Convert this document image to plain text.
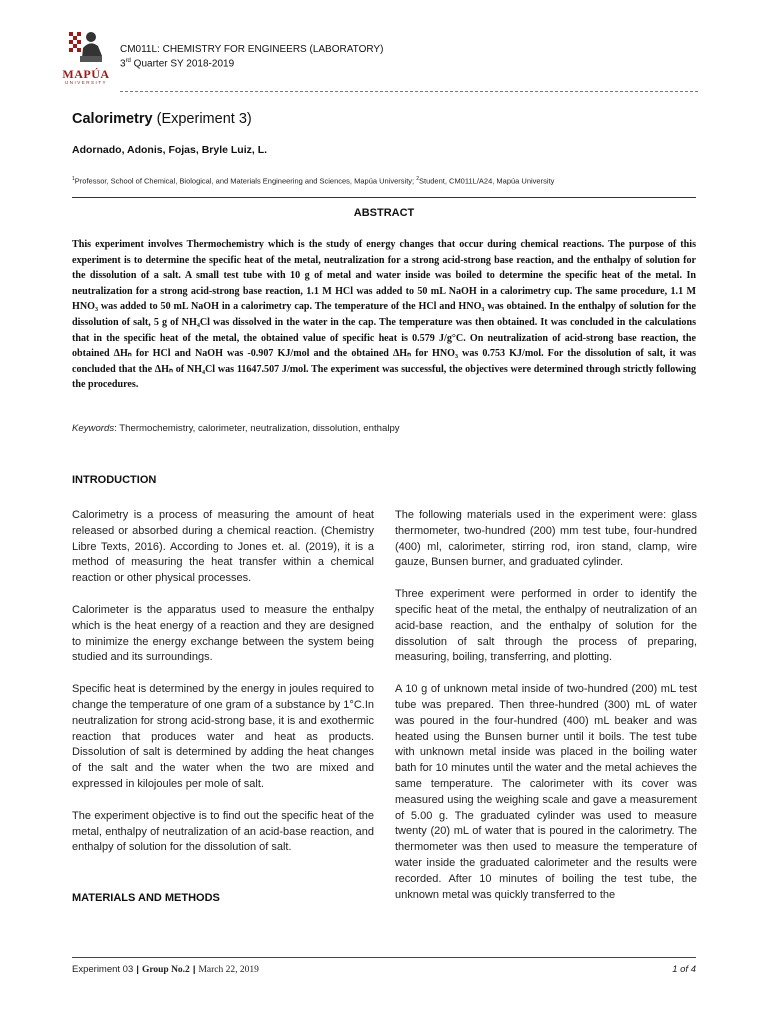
MAPÚA
UNIVERSITY
CM011L: CHEMISTRY FOR ENGINEERS (LABORATORY)
3rd Quarter SY 2018-2019
Calorimetry (Experiment 3)
Adornado, Adonis, Fojas, Bryle Luiz, L.
$^1$Professor, School of Chemical, Biological, and Materials Engineering and Sciences, Mapúa University; $^2$Student, CM011L/A24, Mapúa University
ABSTRACT
This experiment involves Thermochemistry which is the study of energy changes that occur during chemical reactions. The purpose of this experiment is to determine the specific heat of the metal, neutralization for a strong acid-strong base reaction, and the enthalpy of solution for the dissolution of a salt. A small test tube with 10 g of metal and water inside was boiled to determine the specific heat of the metal. In neutralization for a strong acid-strong base reaction, 1.1 M HCl was added to 50 mL NaOH in a calorimetry cup. The same procedure, 1.1 M HNO₃ was added to 50 mL NaOH in a calorimetry cap. The temperature of the HCl and HNO₃ was obtained. In the enthalpy of solution for the dissolution of salt, 5 g of NH₄Cl was dissolved in the water in the cap. The temperature was then obtained. It was concluded in the calculations that in the specific heat of the metal, the obtained value of specific heat is 0.579 J/g°C. On neutralization of acid-strong base reaction, the obtained ΔHₙ for HCl and NaOH was -0.907 KJ/mol and the obtained ΔHₙ for HNO₃ was 0.753 KJ/mol. For the dissolution of salt, it was concluded that the ΔHₙ of NH₄Cl was 11647.507 J/mol. The experiment was successful, the objectives were determined through strictly following the procedures.
Keywords: Thermochemistry, calorimeter, neutralization, dissolution, enthalpy
INTRODUCTION

Calorimetry is a process of measuring the amount of heat released or absorbed during a chemical reaction. (Chemistry Libre Texts, 2016). According to Jones et. al. (2019), it is a method of measuring the heat transfer within a chemical reaction or other physical processes.

Calorimeter is the apparatus used to measure the enthalpy which is the heat energy of a reaction and they are designed to minimize the energy exchange between the system being studied and its surroundings.

Specific heat is determined by the energy in joules required to change the temperature of one gram of a substance by 1°C.In neutralization for strong acid-strong base, it is and exothermic reaction that produces water and heat as products. Dissolution of salt is determined by adding the heat changes of the salt and the water when the two are mixed and expressed in kilojoules per mole of salt.

The experiment objective is to find out the specific heat of the metal, enthalpy of neutralization of an acid-base reaction, and enthalpy of solution for the dissolution of salt.

MATERIALS AND METHODS

The following materials used in the experiment were: glass thermometer, two-hundred (200) mm test tube, four-hundred (400) ml, calorimeter, stirring rod, iron stand, clamp, wire gauze, Bunsen burner, and graduated cylinder.

Three experiment were performed in order to identify the specific heat of the metal, the enthalpy of neutralization of an acid-base reaction, and the enthalpy of solution for the dissolution of salt through the process of preparing, measuring, boiling, transferring, and plotting.

A 10 g of unknown metal inside of two-hundred (200) mL test tube was prepared. Then three-hundred (300) mL of water was poured in the four-hundred (400) mL beaker and was heated using the Bunsen burner until it boils. The test tube with unknown metal inside was placed in the boiling water bath for 10 minutes until the water and the metal achieves the same temperature. The calorimeter with its cover was measured using the weighing scale and gave a measurement of 5.00 g. The graduated cylinder was used to measure twenty (20) mL of water that is poured in the calorimetry. The thermometer was then used to measure the temperature of water inside the graduated calorimeter and the results were recorded. After 10 minutes of boiling the test tube, the unknown metal was quickly transferred to the

Experiment 03 | Group No.2 | March 22, 2019	1 of 4
